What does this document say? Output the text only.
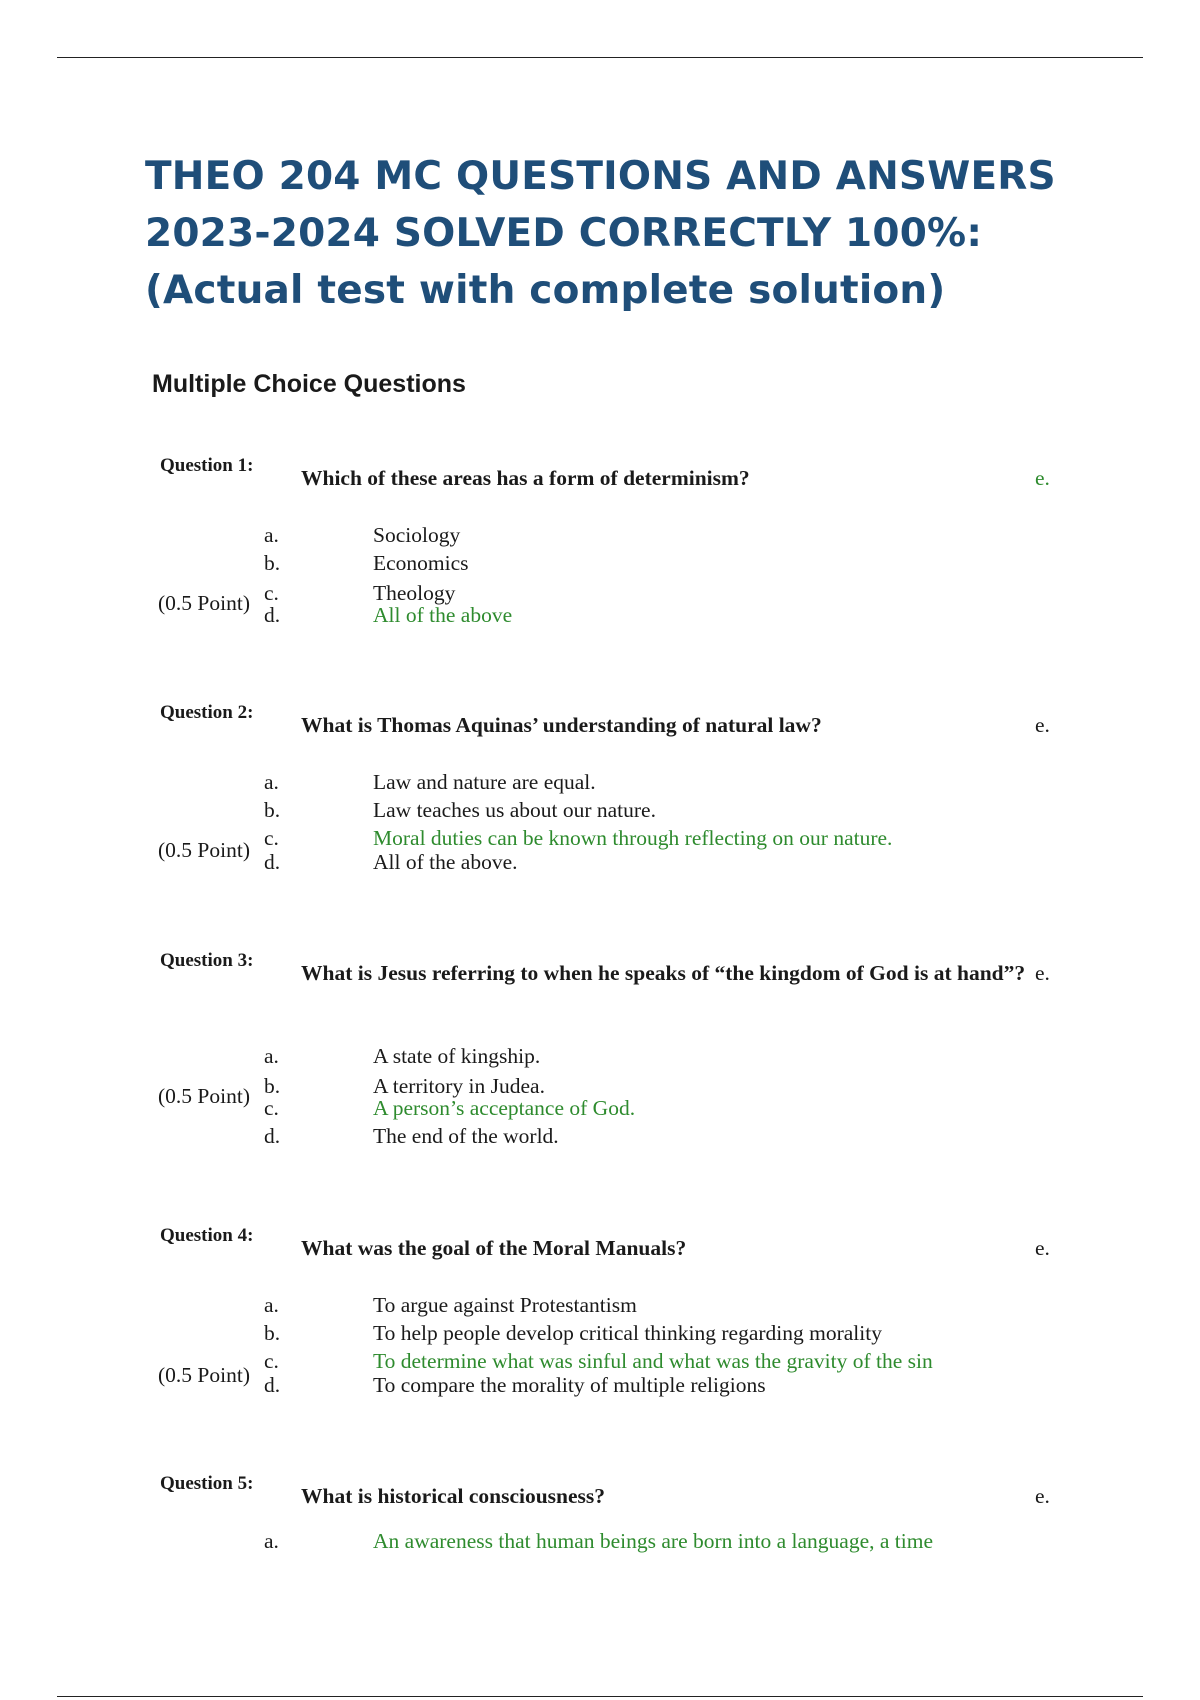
THEO 204 MC QUESTIONS AND ANSWERS
2023-2024 SOLVED CORRECTLY 100%:
(Actual test with complete solution)
Multiple Choice Questions
Question 1:
Which of these areas has a form of determinism?	e.
a.	Sociology
b.	Economics
(0.5 Point) c.	Theology
d.	All of the above
Question 2:
What is Thomas Aquinas’ understanding of natural law?	e.
a.	Law and nature are equal.
b.	Law teaches us about our nature.
(0.5 Point) c.	Moral duties can be known through reflecting on our nature.
d.	All of the above.
Question 3:
What is Jesus referring to when he speaks of “the kingdom of God is at hand”? e.
a.	A state of kingship.
(0.5 Point) b.	A territory in Judea.
c.	A person’s acceptance of God.
d.	The end of the world.
Question 4:
What was the goal of the Moral Manuals?	e.
a.	To argue against Protestantism
b.	To help people develop critical thinking regarding morality
(0.5 Point)
c.	To determine what was sinful and what was the gravity of the sin
d.	To compare the morality of multiple religions
Question 5:
What is historical consciousness?	e.
a.	An awareness that human beings are born into a language, a time
